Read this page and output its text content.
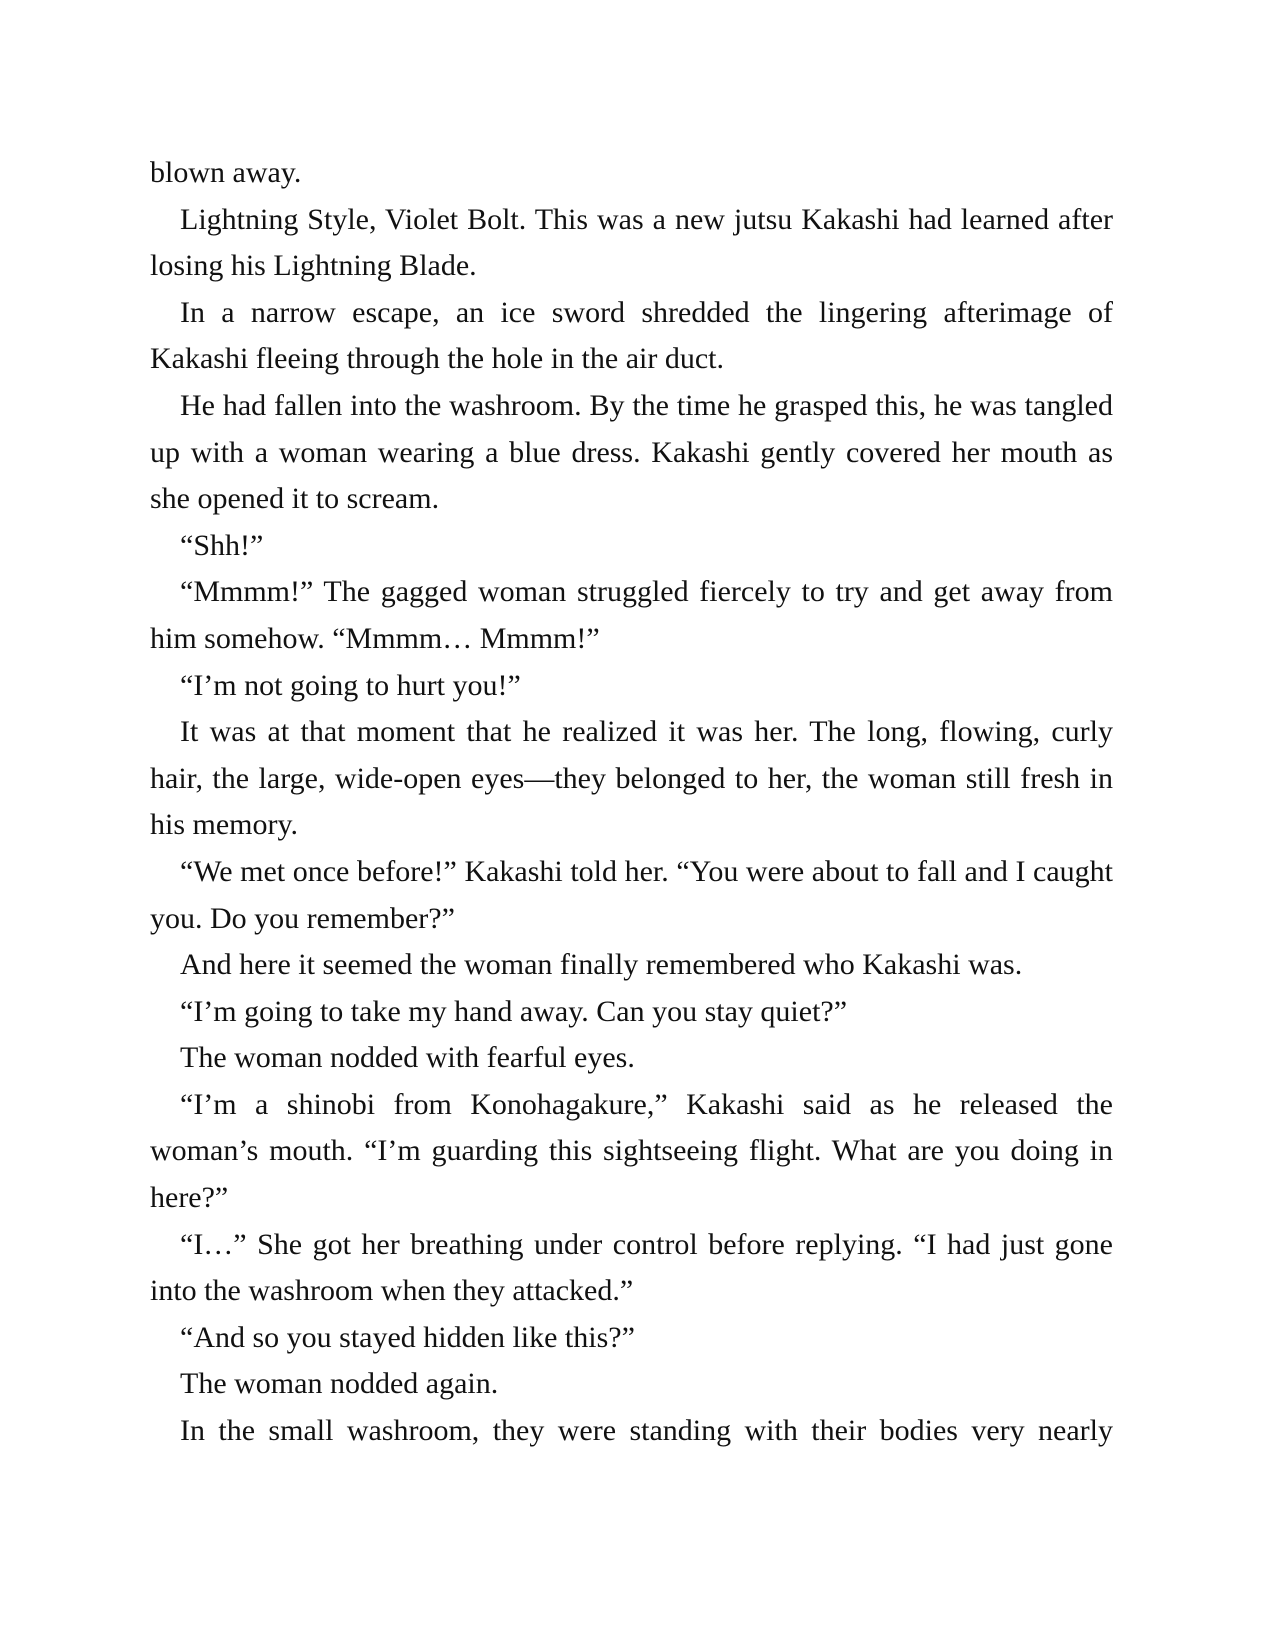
blown away.

Lightning Style, Violet Bolt. This was a new jutsu Kakashi had learned after losing his Lightning Blade.

In a narrow escape, an ice sword shredded the lingering afterimage of Kakashi fleeing through the hole in the air duct.

He had fallen into the washroom. By the time he grasped this, he was tangled up with a woman wearing a blue dress. Kakashi gently covered her mouth as she opened it to scream.

“Shh!”

“Mmmm!” The gagged woman struggled fiercely to try and get away from him somehow. “Mmmm… Mmmm!”

“I’m not going to hurt you!”

It was at that moment that he realized it was her. The long, flowing, curly hair, the large, wide-open eyes—they belonged to her, the woman still fresh in his memory.

“We met once before!” Kakashi told her. “You were about to fall and I caught you. Do you remember?”

And here it seemed the woman finally remembered who Kakashi was.

“I’m going to take my hand away. Can you stay quiet?”

The woman nodded with fearful eyes.

“I’m a shinobi from Konohagakure,” Kakashi said as he released the woman’s mouth. “I’m guarding this sightseeing flight. What are you doing in here?”

“I…” She got her breathing under control before replying. “I had just gone into the washroom when they attacked.”

“And so you stayed hidden like this?”

The woman nodded again.

In the small washroom, they were standing with their bodies very nearly
